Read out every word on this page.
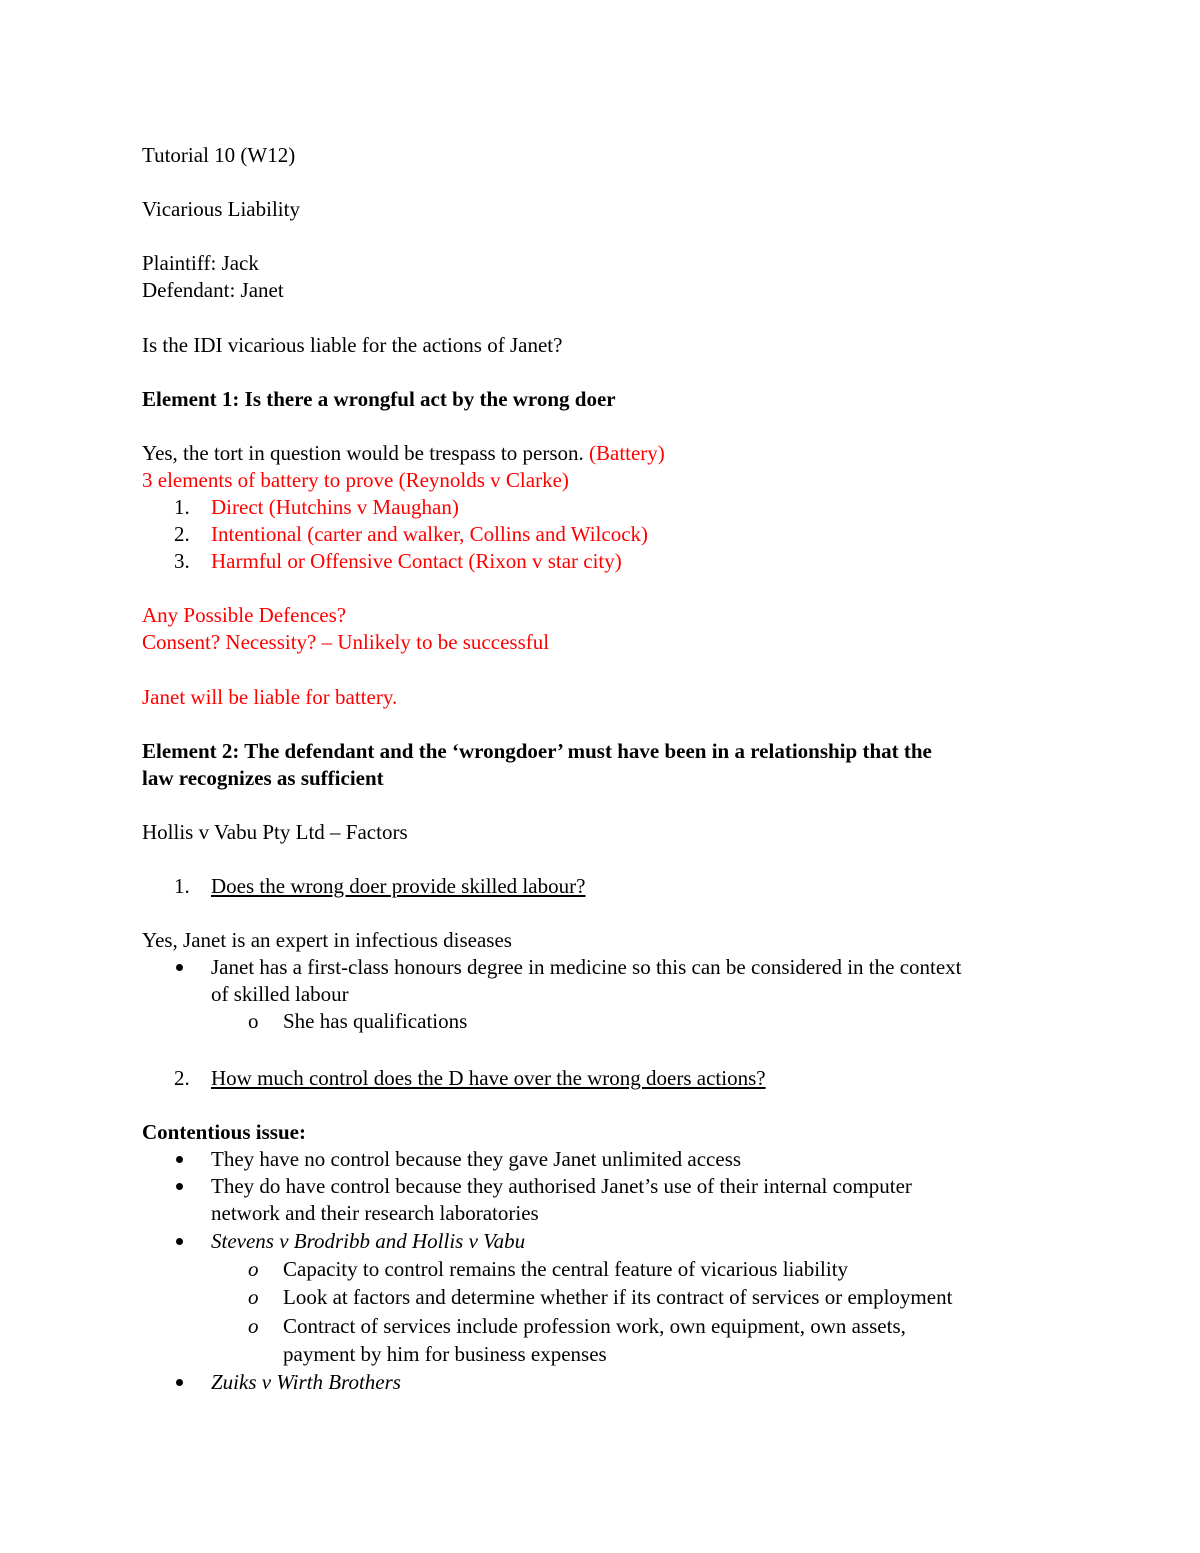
Tutorial 10 (W12)
Vicarious Liability
Plaintiff: Jack
Defendant: Janet
Is the IDI vicarious liable for the actions of Janet?
Element 1: Is there a wrongful act by the wrong doer
Yes, the tort in question would be trespass to person. (Battery)
3 elements of battery to prove (Reynolds v Clarke)
1. Direct (Hutchins v Maughan)
2. Intentional (carter and walker, Collins and Wilcock)
3. Harmful or Offensive Contact (Rixon v star city)
Any Possible Defences?
Consent? Necessity? – Unlikely to be successful
Janet will be liable for battery.
Element 2: The defendant and the ‘wrongdoer’ must have been in a relationship that the
law recognizes as sufficient
Hollis v Vabu Pty Ltd – Factors
1. Does the wrong doer provide skilled labour?
Yes, Janet is an expert in infectious diseases
Janet has a first-class honours degree in medicine so this can be considered in the context
of skilled labour
o She has qualifications
2. How much control does the D have over the wrong doers actions?
Contentious issue:
They have no control because they gave Janet unlimited access
They do have control because they authorised Janet’s use of their internal computer
network and their research laboratories
Stevens v Brodribb and Hollis v Vabu
o Capacity to control remains the central feature of vicarious liability
o Look at factors and determine whether if its contract of services or employment
o Contract of services include profession work, own equipment, own assets,
payment by him for business expenses
Zuiks v Wirth Brothers
